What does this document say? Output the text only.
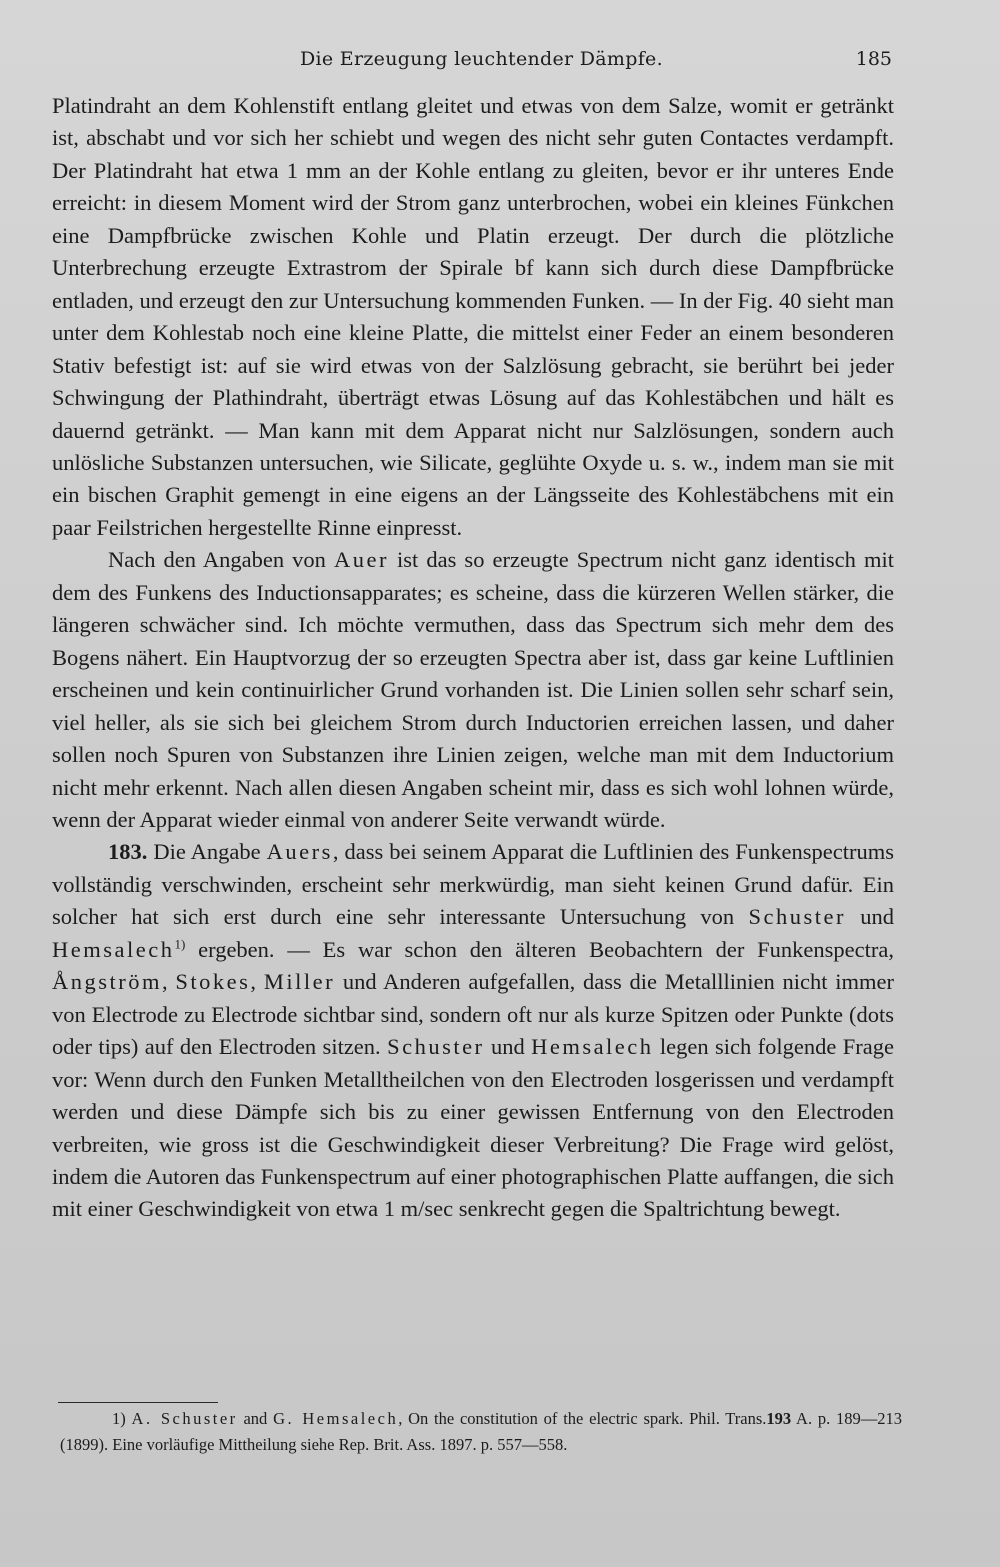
Die Erzeugung leuchtender Dämpfe.	185

Platindraht an dem Kohlenstift entlang gleitet und etwas von dem Salze, womit er getränkt ist, abschabt und vor sich her schiebt und wegen des nicht sehr guten Contactes verdampft. Der Platindraht hat etwa 1 mm an der Kohle entlang zu gleiten, bevor er ihr unteres Ende erreicht: in diesem Moment wird der Strom ganz unterbrochen, wobei ein kleines Fünkchen eine Dampfbrücke zwischen Kohle und Platin erzeugt. Der durch die plötzliche Unterbrechung erzeugte Extrastrom der Spirale bf kann sich durch diese Dampfbrücke entladen, und erzeugt den zur Untersuchung kommenden Funken. — In der Fig. 40 sieht man unter dem Kohlestab noch eine kleine Platte, die mittelst einer Feder an einem besonderen Stativ befestigt ist: auf sie wird etwas von der Salzlösung gebracht, sie berührt bei jeder Schwingung der Plathindraht, überträgt etwas Lösung auf das Kohlestäbchen und hält es dauernd getränkt. — Man kann mit dem Apparat nicht nur Salzlösungen, sondern auch unlösliche Substanzen untersuchen, wie Silicate, geglühte Oxyde u. s. w., indem man sie mit ein bischen Graphit gemengt in eine eigens an der Längsseite des Kohlestäbchens mit ein paar Feilstrichen hergestellte Rinne einpresst.

Nach den Angaben von Auer ist das so erzeugte Spectrum nicht ganz identisch mit dem des Funkens des Inductionsapparates; es scheine, dass die kürzeren Wellen stärker, die längeren schwächer sind. Ich möchte vermuthen, dass das Spectrum sich mehr dem des Bogens nähert. Ein Hauptvorzug der so erzeugten Spectra aber ist, dass gar keine Luftlinien erscheinen und kein continuirlicher Grund vorhanden ist. Die Linien sollen sehr scharf sein, viel heller, als sie sich bei gleichem Strom durch Inductorien erreichen lassen, und daher sollen noch Spuren von Substanzen ihre Linien zeigen, welche man mit dem Inductorium nicht mehr erkennt. Nach allen diesen Angaben scheint mir, dass es sich wohl lohnen würde, wenn der Apparat wieder einmal von anderer Seite verwandt würde.

183. Die Angabe Auers, dass bei seinem Apparat die Luftlinien des Funkenspectrums vollständig verschwinden, erscheint sehr merkwürdig, man sieht keinen Grund dafür. Ein solcher hat sich erst durch eine sehr interessante Untersuchung von Schuster und Hemsalech$^{1)}$ ergeben. — Es war schon den älteren Beobachtern der Funkenspectra, Ångström, Stokes, Miller und Anderen aufgefallen, dass die Metalllinien nicht immer von Electrode zu Electrode sichtbar sind, sondern oft nur als kurze Spitzen oder Punkte (dots oder tips) auf den Electroden sitzen. Schuster und Hemsalech legen sich folgende Frage vor: Wenn durch den Funken Metalltheilchen von den Electroden losgerissen und verdampft werden und diese Dämpfe sich bis zu einer gewissen Entfernung von den Electroden verbreiten, wie gross ist die Geschwindigkeit dieser Verbreitung? Die Frage wird gelöst, indem die Autoren das Funkenspectrum auf einer photographischen Platte auffangen, die sich mit einer Geschwindigkeit von etwa 1 m/sec senkrecht gegen die Spaltrichtung bewegt.

1) A. Schuster and G. Hemsalech, On the constitution of the electric spark. Phil. Trans.193 A. p. 189—213 (1899). Eine vorläufige Mittheilung siehe Rep. Brit. Ass. 1897. p. 557—558.
